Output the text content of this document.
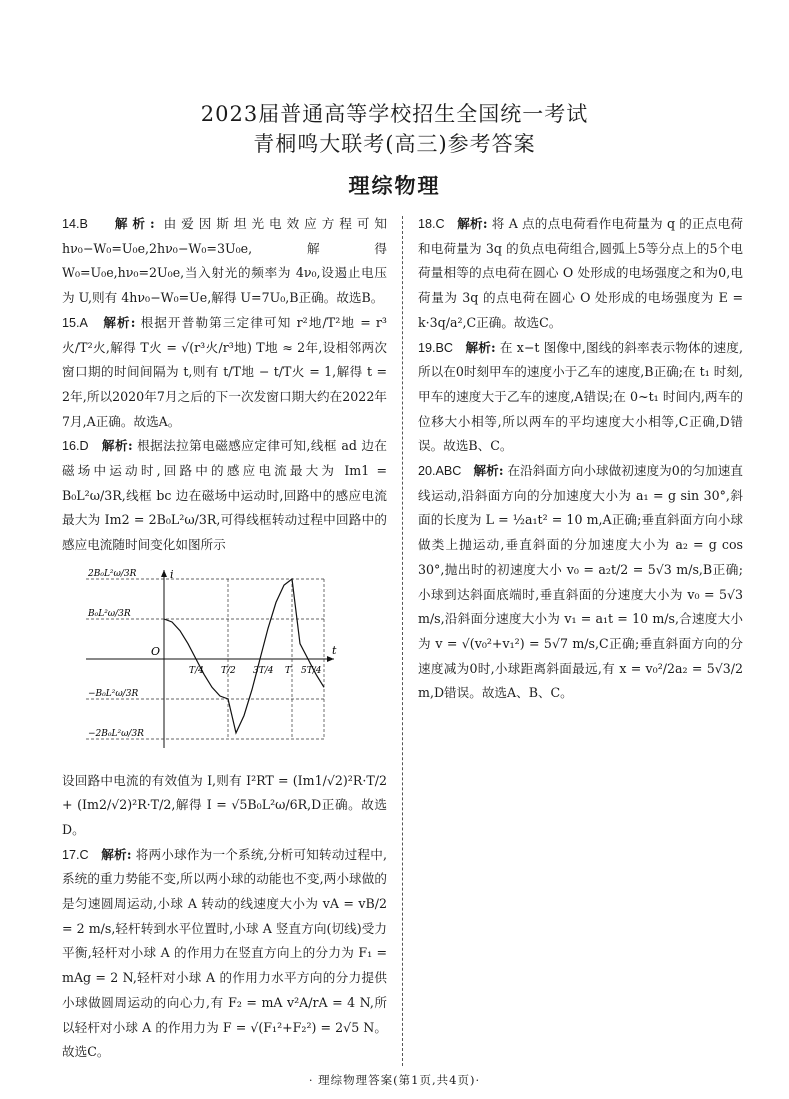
2023届普通高等学校招生全国统一考试
青桐鸣大联考(高三)参考答案
理综物理

14.B 解析: 由爱因斯坦光电效应方程可知 hν₀−W₀=U₀e,2hν₀−W₀=3U₀e,解得 W₀=U₀e,hν₀=2U₀e,当入射光的频率为 4ν₀,设遏止电压为 U,则有 4hν₀−W₀=Ue,解得 U=7U₀,B正确。故选B。

15.A 解析: 根据开普勒第三定律可知 r²地/T²地 = r³火/T²火,解得 T火 = √(r³火/r³地) T地 ≈ 2年,设相邻两次窗口期的时间间隔为 t,则有 t/T地 − t/T火 = 1,解得 t = 2年,所以2020年7月之后的下一次发窗口期大约在2022年7月,A正确。故选A。

16.D 解析: 根据法拉第电磁感应定律可知,线框 ad 边在磁场中运动时,回路中的感应电流最大为 Im1 = B₀L²ω/3R,线框 bc 边在磁场中运动时,回路中的感应电流最大为 Im2 = 2B₀L²ω/3R,可得线框转动过程中回路中的感应电流随时间变化如图所示

i
t
O
2B₀L²ω/3R
B₀L²ω/3R
−B₀L²ω/3R
−2B₀L²ω/3R
T/4 T/2 3T/4 T 5T/4

设回路中电流的有效值为 I,则有 I²RT = (Im1/√2)²R·T/2 + (Im2/√2)²R·T/2,解得 I = √5B₀L²ω/6R,D正确。故选D。

17.C 解析: 将两小球作为一个系统,分析可知转动过程中,系统的重力势能不变,所以两小球的动能也不变,两小球做的是匀速圆周运动,小球 A 转动的线速度大小为 vA = vB/2 = 2 m/s,轻杆转到水平位置时,小球 A 竖直方向(切线)受力平衡,轻杆对小球 A 的作用力在竖直方向上的分力为 F₁ = mAg = 2 N,轻杆对小球 A 的作用力水平方向的分力提供小球做圆周运动的向心力,有 F₂ = mA v²A/rA = 4 N,所以轻杆对小球 A 的作用力为 F = √(F₁²+F₂²) = 2√5 N。故选C。

18.C 解析: 将 A 点的点电荷看作电荷量为 q 的正点电荷和电荷量为 3q 的负点电荷组合,圆弧上5等分点上的5个电荷量相等的点电荷在圆心 O 处形成的电场强度之和为0,电荷量为 3q 的点电荷在圆心 O 处形成的电场强度为 E = k·3q/a²,C正确。故选C。

19.BC 解析: 在 x−t 图像中,图线的斜率表示物体的速度,所以在0时刻甲车的速度小于乙车的速度,B正确;在 t₁ 时刻,甲车的速度大于乙车的速度,A错误;在 0~t₁ 时间内,两车的位移大小相等,所以两车的平均速度大小相等,C正确,D错误。故选B、C。

20.ABC 解析: 在沿斜面方向小球做初速度为0的匀加速直线运动,沿斜面方向的分加速度大小为 a₁ = g sin 30°,斜面的长度为 L = ½a₁t² = 10 m,A正确;垂直斜面方向小球做类上抛运动,垂直斜面的分加速度大小为 a₂ = g cos 30°,抛出时的初速度大小 v₀ = a₂t/2 = 5√3 m/s,B正确;小球到达斜面底端时,垂直斜面的分速度大小为 v₀ = 5√3 m/s,沿斜面分速度大小为 v₁ = a₁t = 10 m/s,合速度大小为 v = √(v₀²+v₁²) = 5√7 m/s,C正确;垂直斜面方向的分速度减为0时,小球距离斜面最远,有 x = v₀²/2a₂ = 5√3/2 m,D错误。故选A、B、C。

· 理综物理答案(第1页,共4页)·
